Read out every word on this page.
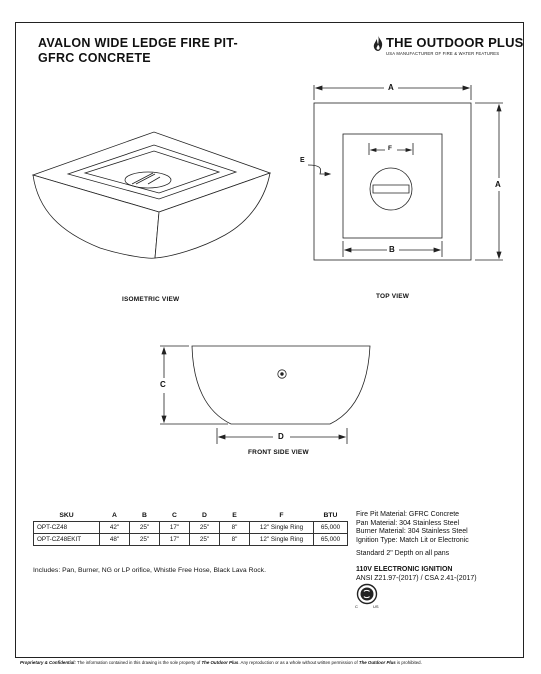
AVALON WIDE LEDGE FIRE PIT-
GFRC CONCRETE
THE OUTDOOR PLUS
USA MANUFACTURER OF FIRE & WATER FEATURES
ISOMETRIC VIEW	TOP VIEW
FRONT SIDE VIEW
A
A
B
F
E
C
D
SKU	A	B	C	D	E	F	BTU
OPT-CZ48	42"	25"	17"	25"	8"	12" Single Ring	65,000
OPT-CZ48EKIT	48"	25"	17"	25"	8"	12" Single Ring	65,000
Fire Pit Material: GFRC Concrete
Pan Material: 304 Stainless Steel
Burner Material: 304 Stainless Steel
Ignition Type: Match Lit or Electronic
Standard 2" Depth on all pans
110V ELECTRONIC IGNITION
ANSI Z21.97-(2017) / CSA 2.41-(2017)
C	US
Includes: Pan, Burner, NG or LP orifice, Whistle Free Hose, Black Lava Rock.
Proprietary & Confidential: The information contained in this drawing is the sole property of The Outdoor Plus. Any reproduction or as a whole without written permission of The Outdoor Plus is prohibited.
